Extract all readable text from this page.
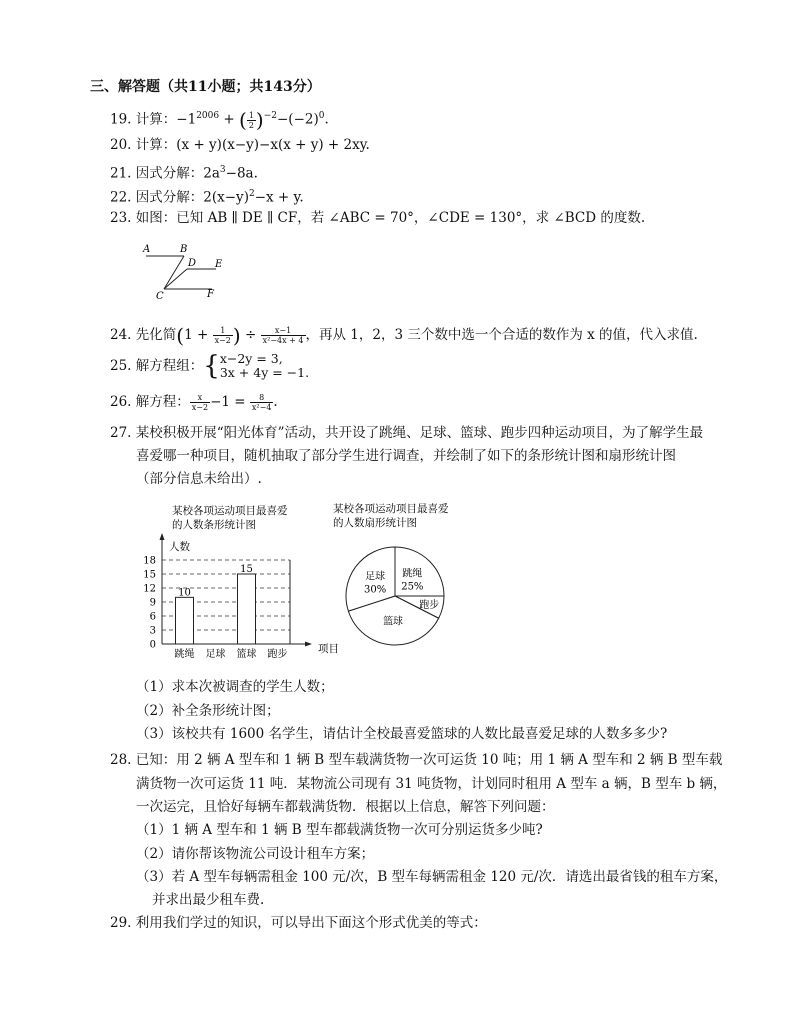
三、解答题（共11小题；共143分）
19. 计算：$-1^{2006}$ + ( $\frac{1}{2} )^{-2}-(-2)^0$.
20. 计算：(x + y)(x−y)−x(x + y) + 2xy.
21. 因式分解：$2a^3-8a$.
22. 因式分解：$2(x-y)^2-x + y$.
23. 如图：已知 AB ∥ DE ∥ CF，若 ∠ABC = 70°，∠CDE = 130°，求 ∠BCD 的度数.
A	B
D E
C	F
24. 先化简($1 + \frac{1}{x-2}$ ) ÷ $\frac{x-1}{\text{x²−4x + 4}}$ ，再从 1，2，3 三个数中选一个合适的数作为 x 的值，代入求值.
25. 解方程组：{ x−2y = 3,
3x + 4y = −1.
26. 解方程： $\frac{x}{x-2} -1 = \frac{8}{\text{x²−4}}$ .
27. 某校积极开展“阳光体育”活动，共开设了跳绳、足球、篮球、跑步四种运动项目，为了解学生最
喜爱哪一种项目，随机抽取了部分学生进行调查，并绘制了如下的条形统计图和扇形统计图
（部分信息未给出）.
某校各项运动项目最喜爱
的人数条形统计图
人数
项目
0
3
6
9
12
15
18
跳绳 足球 篮球 跑步
10
15
某校各项运动项目最喜爱
的人数扇形统计图
跳绳
25%
跑步
篮球
足球
30%
（1）求本次被调查的学生人数；
（2）补全条形统计图；
（3）该校共有 1600 名学生，请估计全校最喜爱篮球的人数比最喜爱足球的人数多多少?
28. 已知：用 2 辆 A 型车和 1 辆 B 型车载满货物一次可运货 10 吨；用 1 辆 A 型车和 2 辆 B 型车载
满货物一次可运货 11 吨．某物流公司现有 31 吨货物，计划同时租用 A 型车 a 辆，B 型车 b 辆，
一次运完，且恰好每辆车都载满货物．根据以上信息，解答下列问题：
（1）1 辆 A 型车和 1 辆 B 型车都载满货物一次可分别运货多少吨?
（2）请你帮该物流公司设计租车方案；
（3）若 A 型车每辆需租金 100 元/次，B 型车每辆需租金 120 元/次．请选出最省钱的租车方案，
并求出最少租车费.
29. 利用我们学过的知识，可以导出下面这个形式优美的等式：
